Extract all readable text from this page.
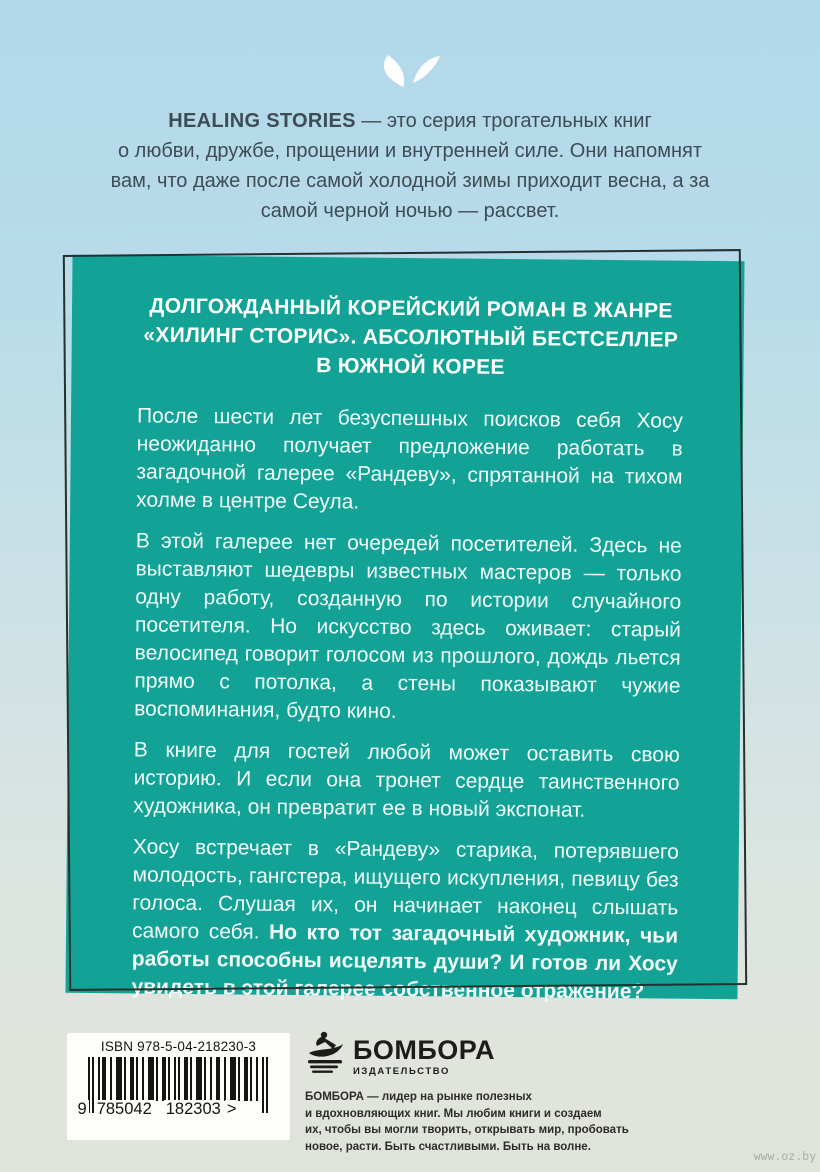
HEALING STORIES — это серия трогательных книг
о любви, дружбе, прощении и внутренней силе. Они напомнят
вам, что даже после самой холодной зимы приходит весна, а за
самой черной ночью — рассвет.
ДОЛГОЖДАННЫЙ КОРЕЙСКИЙ РОМАН В ЖАНРЕ
«ХИЛИНГ СТОРИС». АБСОЛЮТНЫЙ БЕСТСЕЛЛЕР
В ЮЖНОЙ КОРЕЕ

После шести лет безуспешных поисков себя Хосу неожиданно получает предложение работать в загадочной галерее «Рандеву», спрятанной на тихом холме в центре Сеула.

В этой галерее нет очередей посетителей. Здесь не выставляют шедевры известных мастеров — только одну работу, созданную по истории случайного посетителя. Но искусство здесь оживает: старый велосипед говорит голосом из прошлого, дождь льется прямо с потолка, а стены показывают чужие воспоминания, будто кино.

В книге для гостей любой может оставить свою историю. И если она тронет сердце таинственного художника, он превратит ее в новый экспонат.

Хосу встречает в «Рандеву» старика, потерявшего молодость, гангстера, ищущего искупления, певицу без голоса. Слушая их, он начинает наконец слышать самого себя. Но кто тот загадочный художник, чьи работы способны исцелять души? И готов ли Хосу увидеть в этой галерее собственное отражение?

ISBN 978-5-04-218230-3
9 785042 182303 >
БОМБОРА
ИЗДАТЕЛЬСТВО
БОМБОРА — лидер на рынке полезных
и вдохновляющих книг. Мы любим книги и создаем
их, чтобы вы могли творить, открывать мир, пробовать
новое, расти. Быть счастливыми. Быть на волне.
www.oz.by
